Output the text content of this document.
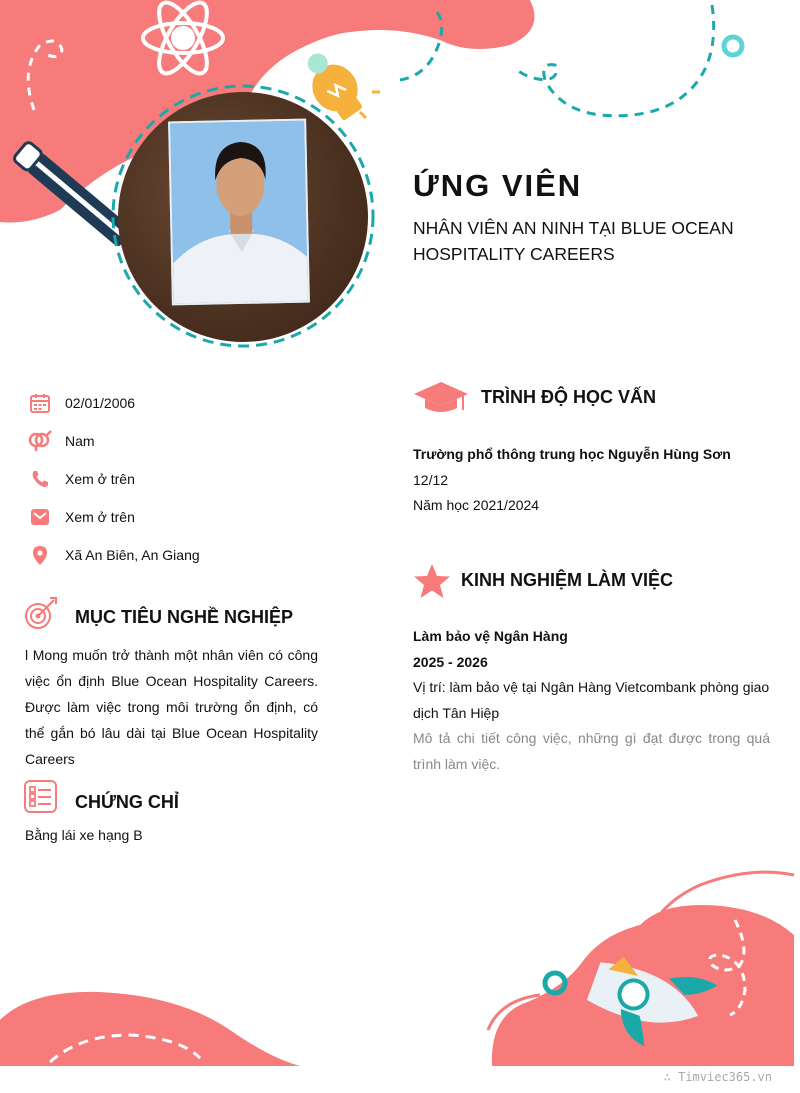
ỨNG VIÊN
NHÂN VIÊN AN NINH TẠI BLUE OCEAN HOSPITALITY CAREERS
02/01/2006
Nam
Xem ở trên
Xem ở trên
Xã An Biên, An Giang
MỤC TIÊU NGHỀ NGHIỆP
l Mong muốn trở thành một nhân viên có công việc ổn định Blue Ocean Hospitality Careers. Được làm việc trong môi trường ổn định, có thể gắn bó lâu dài tại Blue Ocean Hospitality Careers
CHỨNG CHỈ
Bằng lái xe hạng B
TRÌNH ĐỘ HỌC VẤN
Trường phổ thông trung học Nguyễn Hùng Sơn
12/12
Năm học 2021/2024
KINH NGHIỆM LÀM VIỆC
Làm bảo vệ Ngân Hàng
2025 - 2026
Vị trí: làm bảo vệ tại Ngân Hàng Vietcombank phòng giao dịch Tân Hiệp
Mô tả chi tiết công việc, những gì đạt được trong quá trình làm việc.
∴ Timviec365.vn
